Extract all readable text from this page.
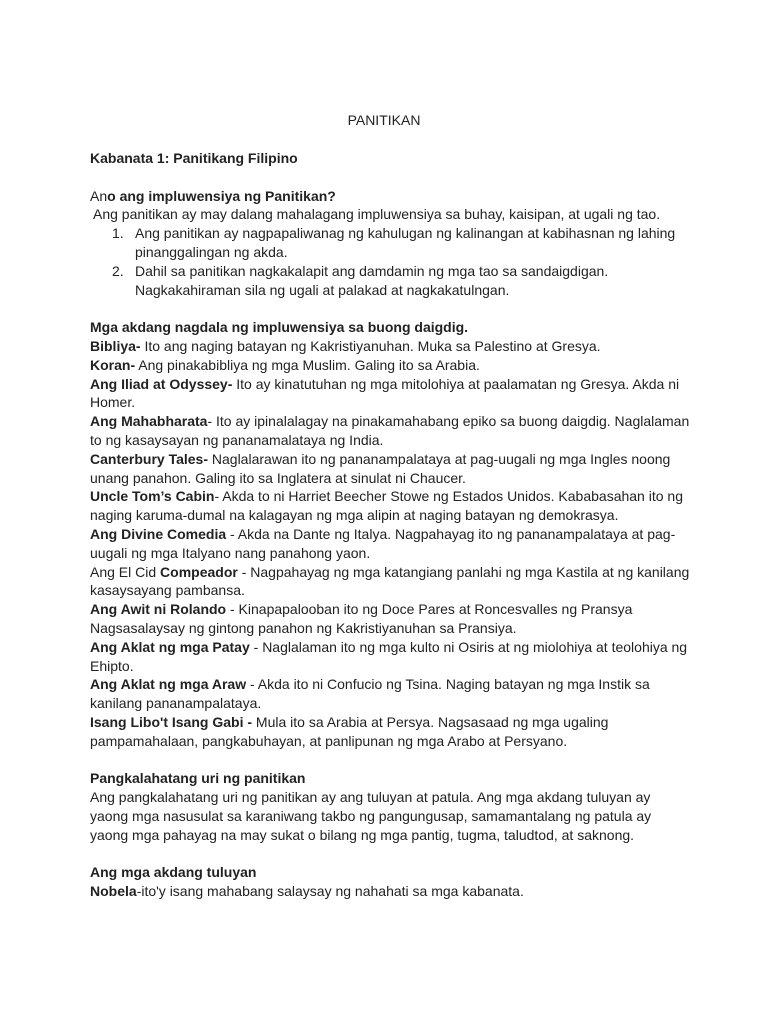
PANITIKAN

Kabanata 1: Panitikang Filipino

Ano ang impluwensiya ng Panitikan?

Ang panitikan ay may dalang mahalagang impluwensiya sa buhay, kaisipan, at ugali ng tao.

1. Ang panitikan ay nagpapaliwanag ng kahulugan ng kalinangan at kabihasnan ng lahing pinanggalingan ng akda.
2. Dahil sa panitikan nagkakalapit ang damdamin ng mga tao sa sandaigdigan. Nagkakahiraman sila ng ugali at palakad at nagkakatulngan.

Mga akdang nagdala ng impluwensiya sa buong daigdig.

Bibliya- Ito ang naging batayan ng Kakristiyanuhan. Muka sa Palestino at Gresya.

Koran- Ang pinakabibliya ng mga Muslim. Galing ito sa Arabia.

Ang Iliad at Odyssey- Ito ay kinatutuhan ng mga mitolohiya at paalamatan ng Gresya. Akda ni Homer.

Ang Mahabharata- Ito ay ipinalalagay na pinakamahabang epiko sa buong daigdig. Naglalaman to ng kasaysayan ng pananamalataya ng India.

Canterbury Tales- Naglalarawan ito ng pananampalataya at pag-uugali ng mga Ingles noong unang panahon. Galing ito sa Inglatera at sinulat ni Chaucer.

Uncle Tom’s Cabin- Akda to ni Harriet Beecher Stowe ng Estados Unidos. Kababasahan ito ng naging karuma-dumal na kalagayan ng mga alipin at naging batayan ng demokrasya.

Ang Divine Comedia - Akda na Dante ng Italya. Nagpahayag ito ng pananampalataya at pag-uugali ng mga Italyano nang panahong yaon.

Ang El Cid Compeador - Nagpahayag ng mga katangiang panlahi ng mga Kastila at ng kanilang kasaysayang pambansa.

Ang Awit ni Rolando - Kinapapalooban ito ng Doce Pares at Roncesvalles ng Pransya Nagsasalaysay ng gintong panahon ng Kakristiyanuhan sa Pransiya.

Ang Aklat ng mga Patay - Naglalaman ito ng mga kulto ni Osiris at ng miolohiya at teolohiya ng Ehipto.

Ang Aklat ng mga Araw - Akda ito ni Confucio ng Tsina. Naging batayan ng mga Instik sa kanilang pananampalataya.

Isang Libo't Isang Gabi - Mula ito sa Arabia at Persya. Nagsasaad ng mga ugaling pampamahalaan, pangkabuhayan, at panlipunan ng mga Arabo at Persyano.

Pangkalahatang uri ng panitikan

Ang pangkalahatang uri ng panitikan ay ang tuluyan at patula. Ang mga akdang tuluyan ay yaong mga nasusulat sa karaniwang takbo ng pangungusap, samamantalang ng patula ay yaong mga pahayag na may sukat o bilang ng mga pantig, tugma, taludtod, at saknong.

Ang mga akdang tuluyan

Nobela-ito'y isang mahabang salaysay ng nahahati sa mga kabanata.
